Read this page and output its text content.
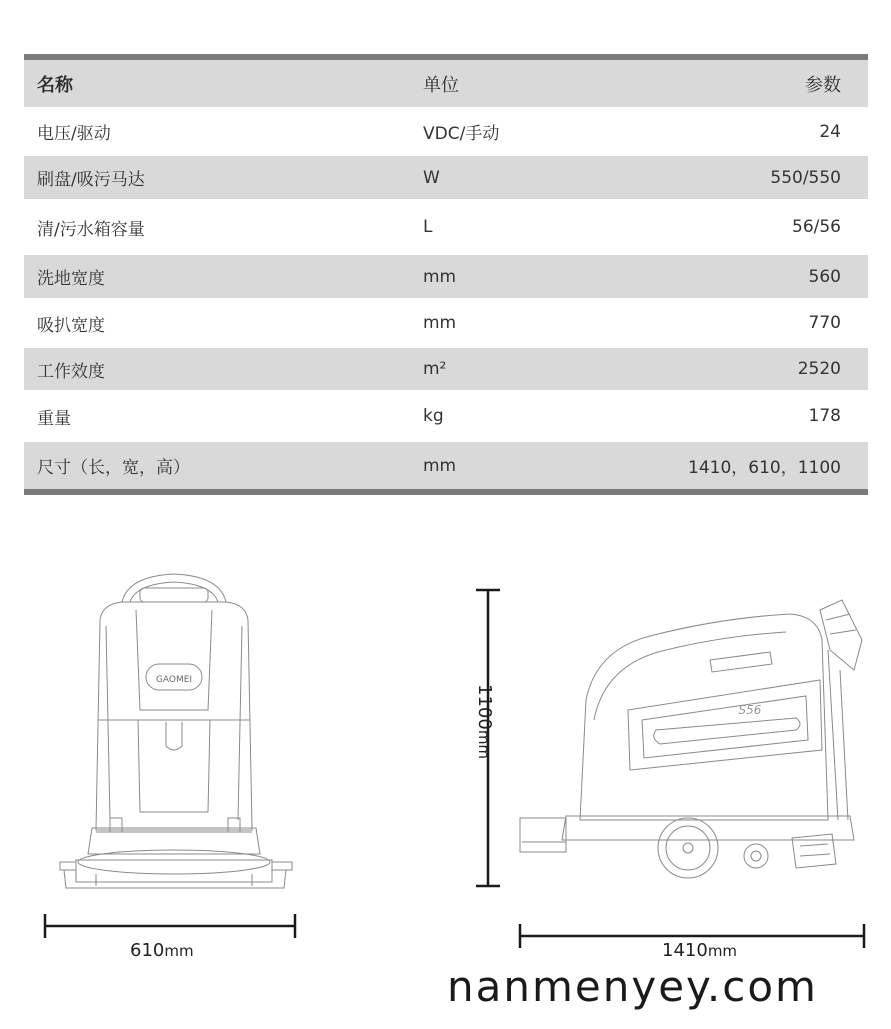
名称	单位	参数
电压/驱动	VDC/手动	24
刷盘/吸污马达	W	550/550
清/污水箱容量	L	56/56
洗地宽度	mm	560
吸扒宽度	mm	770
工作效度	m²	2520
重量	kg	178
尺寸（长，宽，高）	mm	1410，610，1100
GAOMEI
610mm
S56
1100mm
1410mm
nanmenyey.com
